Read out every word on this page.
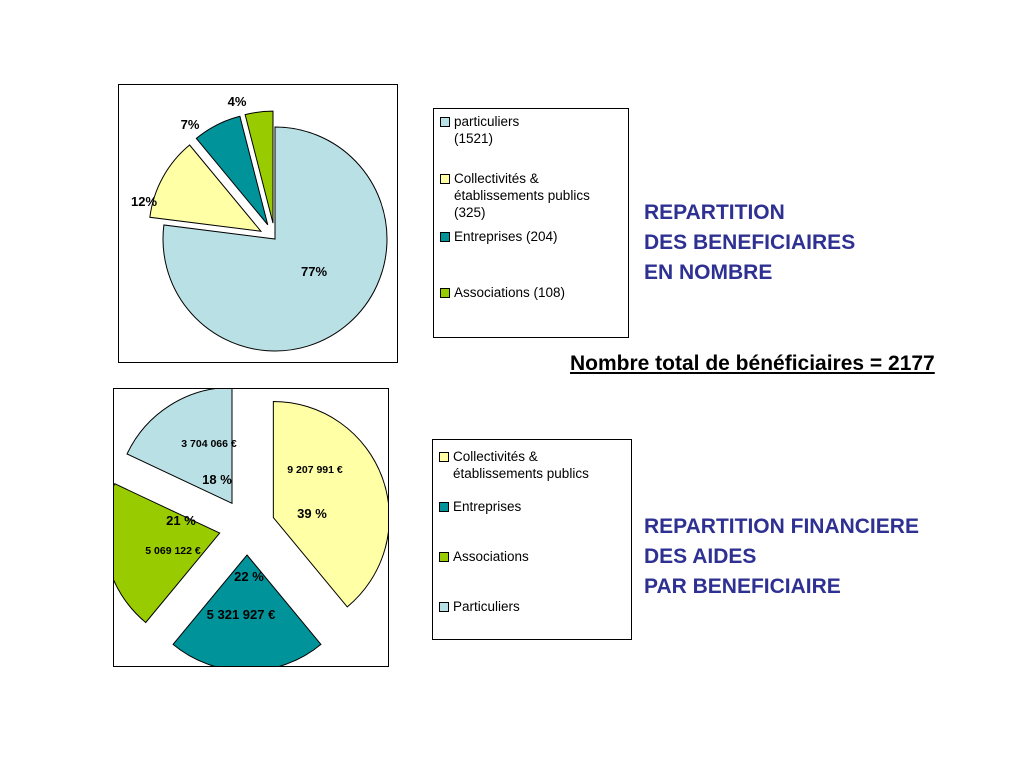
77%
12%
7%
4%
particuliers
(1521)
Collectivités &
établissements publics
(325)
Entreprises (204)
Associations (108)
REPARTITION
DES BENEFICIAIRES
EN NOMBRE
Nombre total de bénéficiaires = 2177
9 207 991 €
39 %
22 %
5 321 927 €
21 %
5 069 122 €
3 704 066 €
18 %
Collectivités &
établissements publics
Entreprises
Associations
Particuliers
REPARTITION FINANCIERE
DES AIDES
PAR BENEFICIAIRE
